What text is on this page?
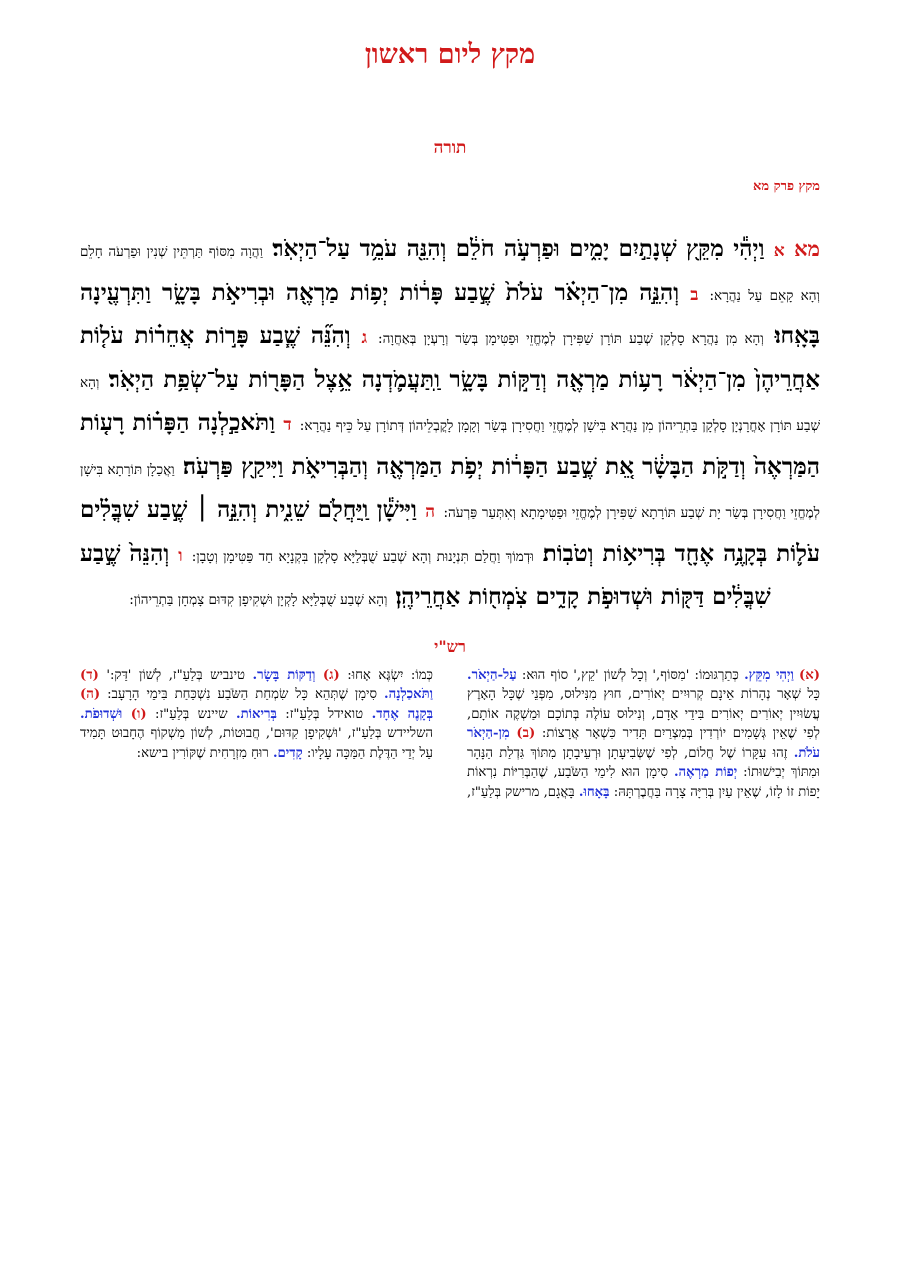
מקץ ליום ראשון
תורה
מקץ פרק מא
מא א וַיְהִ֕י מִקֵּ֖ץ שְׁנָתַ֣יִם יָמִ֑ים וּפַרְעֹ֣ה חֹלֵ֔ם וְהִנֵּ֖ה עֹמֵ֥ד עַל־הַיְאֹֽר׃ וַהֲוָה מִסּוֹף תַּרְתֵּין שְׁנִין וּפַרְעֹה חָלֵם וְהָא קָאֵם עַל נַהֲרָא: ב וְהִנֵּ֣ה מִן־הַיְאֹ֗ר עֹלֹת֙ שֶׁ֣בַע פָּר֔וֹת יְפ֥וֹת מַרְאֶ֖ה וּבְרִיאֹ֣ת בָּשָׂ֑ר וַתִּרְעֶ֖ינָה בָּאָֽחוּ׃ וְהָא מִן נַהֲרָא סָלְקָן שְׁבַע תּוֹרָן שַׁפִּירָן לְמֶחֱזֵי וּפַטִּימָן בְּשַׂר וְרָעְיָן בְּאַחֲוָה: ג וְהִנֵּ֞ה שֶׁ֧בַע פָּר֣וֹת אֲחֵר֗וֹת עֹל֤וֹת אַחֲרֵיהֶן֙ מִן־הַיְאֹ֔ר רָע֥וֹת מַרְאֶ֖ה וְדַקּ֣וֹת בָּשָׂ֑ר וַֽתַּעֲמֹ֛דְנָה אֵ֥צֶל הַפָּר֖וֹת עַל־שְׂפַ֥ת הַיְאֹֽר׃ וְהָא שְׁבַע תּוֹרָן אָחֳרָנְיָן סָלְקָן בַּתְרֵיהוֹן מִן נַהֲרָא בִּישָׁן לְמֶחֱזֵי וַחֲסִירָן בְּשַׂר וְקָמָן לָקֳבְלֵיהוֹן דְּתוֹרָן עַל כֵּיף נַהֲרָא: ד וַתֹּאכַ֣לְנָה הַפָּר֗וֹת רָע֤וֹת הַמַּרְאֶה֙ וְדַקֹּ֣ת הַבָּשָׂ֔ר אֵ֚ת שֶׁ֣בַע הַפָּר֔וֹת יְפֹ֥ת הַמַּרְאֶ֖ה וְהַבְּרִיאֹ֑ת וַיִּיקַ֖ץ פַּרְעֹֽה׃ וַאֲכַלָן תּוֹרָתָא בִּישָׁן לְמֶחֱזֵי וַחֲסִירָן בְּשַׂר יָת שְׁבַע תּוֹרָתָא שַׁפִּירָן לְמֶחֱזֵי וּפַטִּימָתָא וְאִתְּעַר פַּרְעֹה: ה וַיִּישָׁ֕ן וַֽיַּחֲלֹ֖ם שֵׁנִ֑ית וְהִנֵּ֣ה ׀ שֶׁ֣בַע שִׁבֳּלִ֗ים עֹל֛וֹת בְּקָנֶ֥ה אֶחָ֖ד בְּרִיא֥וֹת וְטֹבֽוֹת׃ וּדְמוֹךְ וַחֲלַם תִּנְיָנוּת וְהָא שְׁבַע שֻׁבְּלַיָּא סָלְקָן בִּקְנָיָא חַד פַּטִּימָן וְטָבָן: ו וְהִנֵּה֙ שֶׁ֣בַע שִׁבֳּלִ֔ים דַּקּ֖וֹת וּשְׁדוּפֹ֣ת קָדִ֑ים צֹֽמְח֖וֹת אַחֲרֵיהֶֽן׃ וְהָא שְׁבַע שֻׁבְּלַיָּא לָקְיָן וּשְׁקִיפָן קִדּוּם צָמְחָן בַּתְרֵיהוֹן:
רש"י
(א) וַיְהִי מִקֵּץ. כְּתַרְגּוּמוֹ: 'מִסּוֹף,' וְכָל לְשׁוֹן 'קֵץ,' סוֹף הוּא: עַל-הַיְאֹר. כָּל שְׁאָר נְהָרוֹת אֵינָם קְרוּיִים יְאוֹרִים, חוּץ מִנִּילוּס, מִפְּנֵי שֶׁכָּל הָאָרֶץ עֲשׂוּיִין יְאוֹרִים יְאוֹרִים בִּידֵי אָדָם, וְנִילוּס עוֹלֶה בְּתוֹכָם וּמַשְׁקֶה אוֹתָם, לְפִי שֶׁאֵין גְּשָׁמִים יוֹרְדִין בְּמִצְרַיִם תָּדִיר כִּשְׁאָר אֲרָצוֹת: (ב) מִן-הַיְאֹר עֹלֹת. זֶהוּ עִקָּרוֹ שֶׁל חֲלוֹם, לְפִי שֶׁשְּׂבִיעָתָן וּרְעֵיבָתָן מִתּוֹךְ גִּדְלַת הַנָּהָר וּמִתּוֹךְ יְבִישׁוּתוֹ: יְפוֹת מַרְאֶה. סִימָן הוּא לִימֵי הַשֹּׂבַע, שֶׁהַבְּרִיּוֹת נִרְאוֹת יָפוֹת זוֹ לָזוֹ, שֶׁאֵין עַיִן בְּרִיָּה צָרָה בַּחֲבֶרְתָּהּ: בָּאָחוּ. בָּאֲגָם, מרישק בְּלַעַ"ז, כְּמוֹ: יִשְׂגֶּא אָחוּ: (ג) וְדַקּוֹת בָּשָׂר. טינביש בְּלַעַ"ז, לְשׁוֹן 'דַּק:' (ד) וַתֹּאכַלְנָה. סִימָן שֶׁתְּהֵא כָּל שִׂמְחַת הַשֹּׂבַע נִשְׁכַּחַת בִּימֵי הָרָעָב: (ה) בְּקָנֶה אֶחָד. טואידל בְּלַעַ"ז: בְּרִיאוֹת. שיינש בְּלַעַ"ז: (ו) וּשְׁדוּפֹת. השליידש בְּלַעַ"ז, 'וּשְׁקִיפָן קִדּוּם', חֲבוּטוֹת, לְשׁוֹן מַשְׁקוֹף הֶחָבוּט תָּמִיד עַל יְדֵי הַדֶּלֶת הַמַּכָּה עָלָיו: קָדִים. רוּחַ מִזְרָחִית שֶׁקּוֹרִין בישא:
